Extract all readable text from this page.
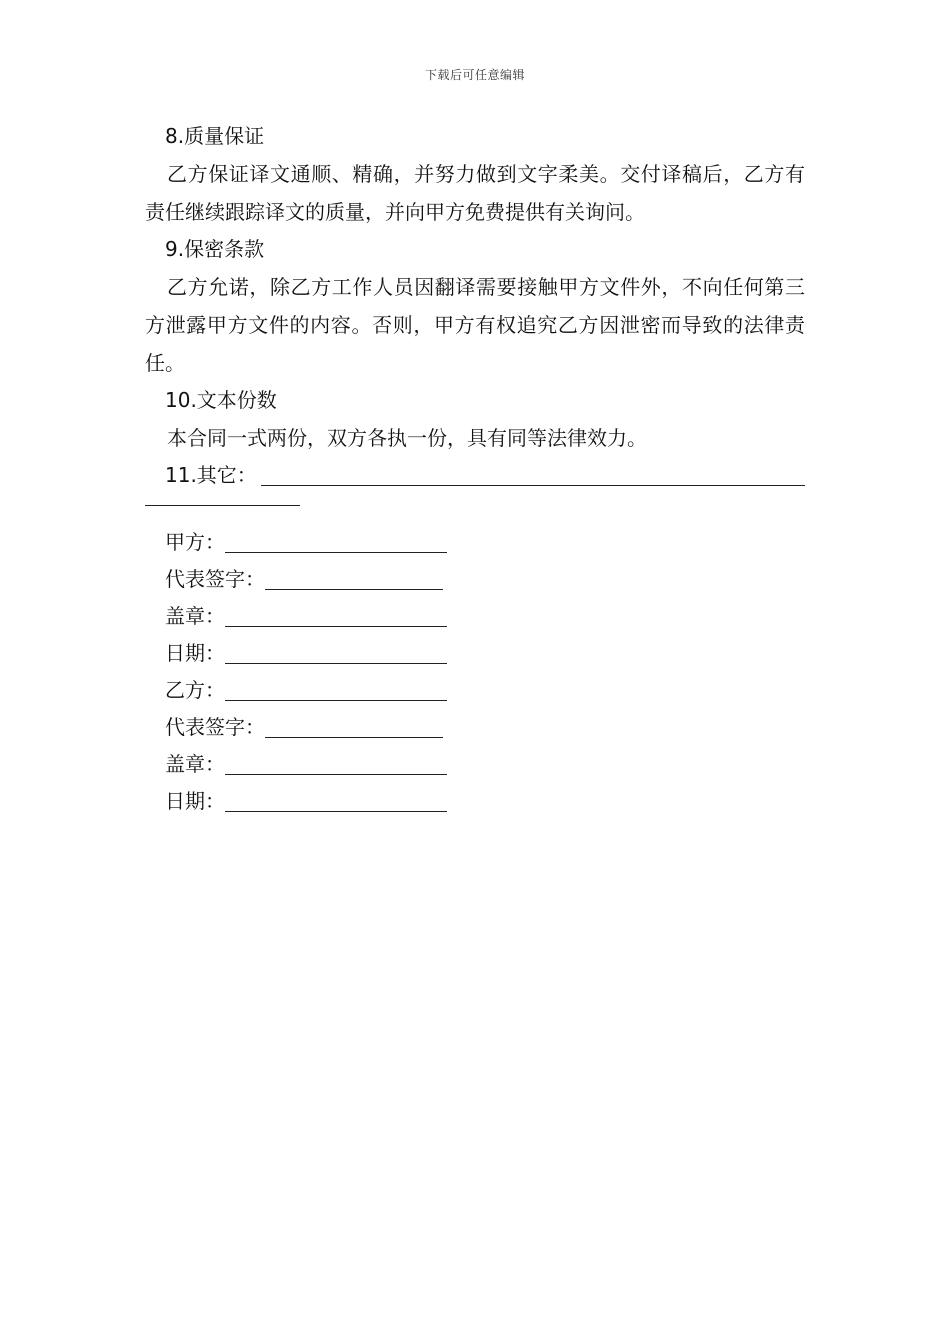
下载后可任意编辑
8.质量保证

乙方保证译文通顺、精确，并努力做到文字柔美。交付译稿后，乙方有责任继续跟踪译文的质量，并向甲方免费提供有关询问。

9.保密条款

乙方允诺，除乙方工作人员因翻译需要接触甲方文件外，不向任何第三方泄露甲方文件的内容。否则，甲方有权追究乙方因泄密而导致的法律责任。

10.文本份数

本合同一式两份，双方各执一份，具有同等法律效力。

11.其它：
甲方：
代表签字：
盖章：
日期：
乙方：
代表签字：
盖章：
日期：
